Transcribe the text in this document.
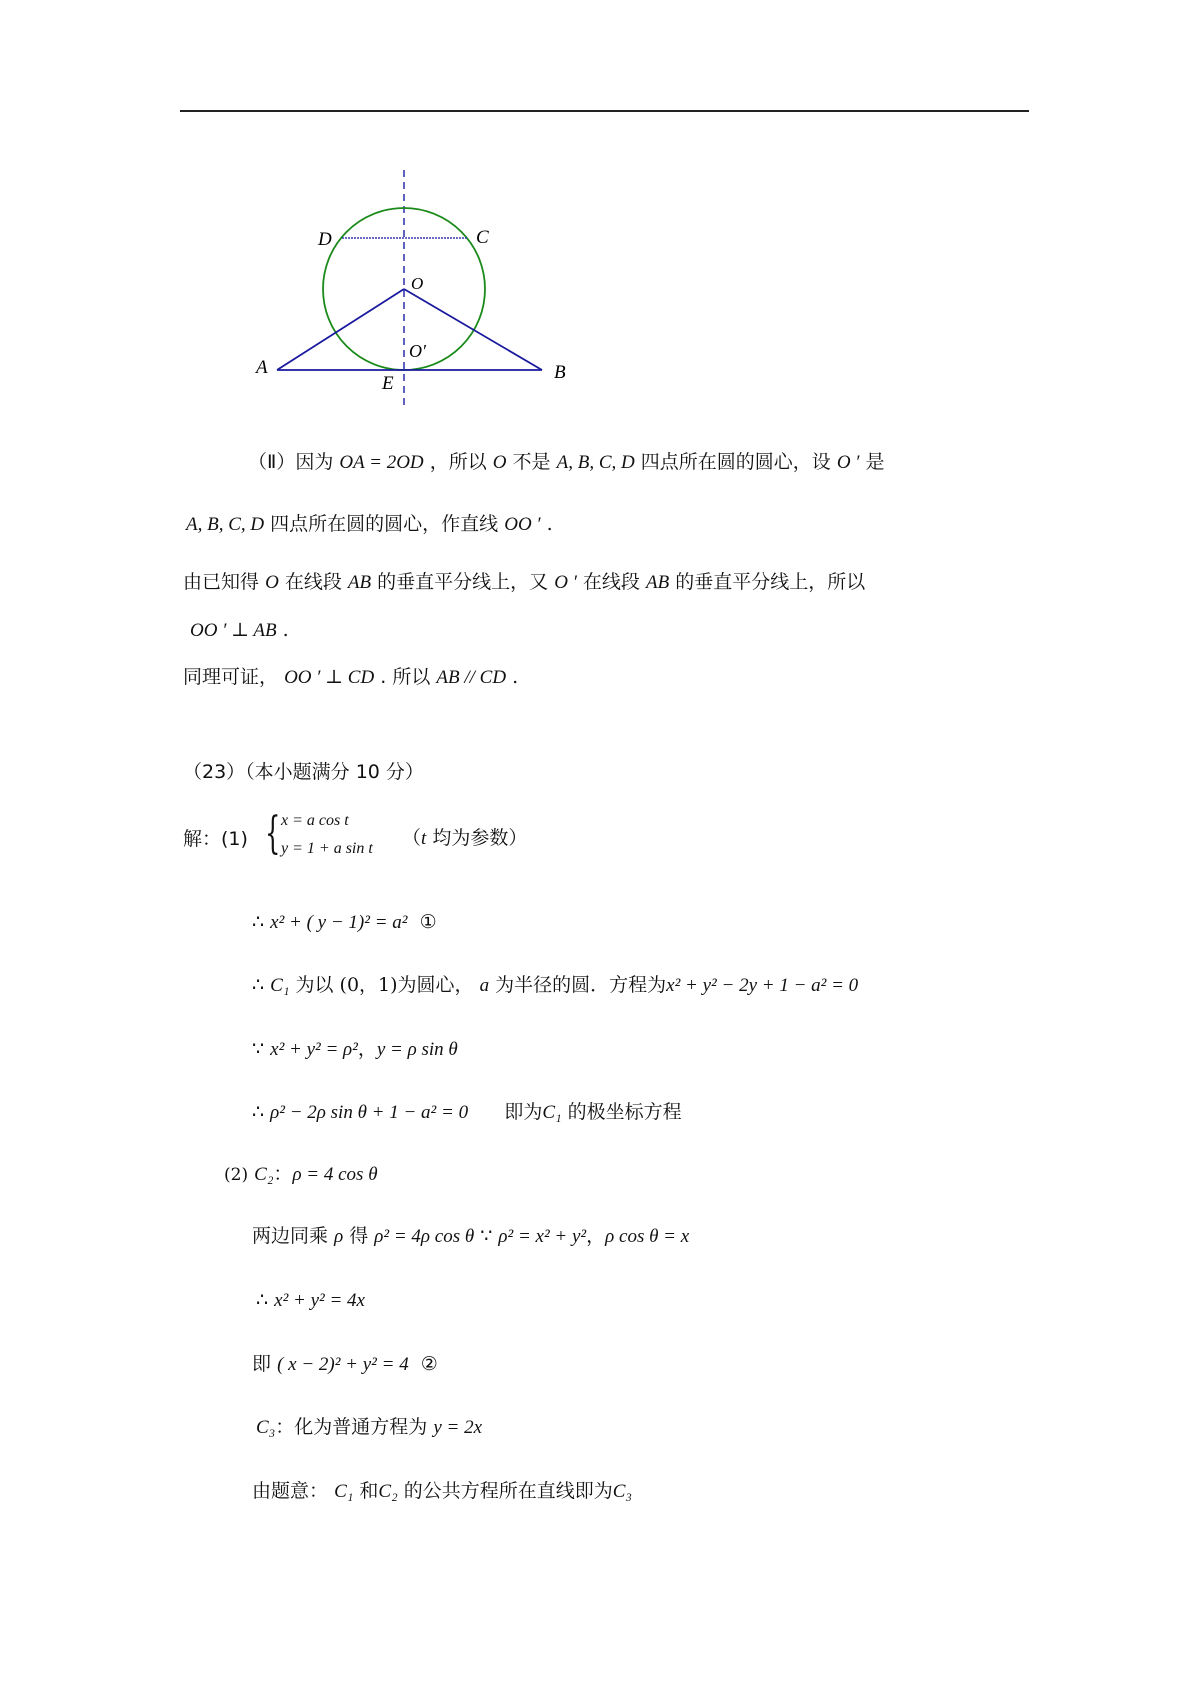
D	C
O
O′
A	B
E
（Ⅱ）因为 OA = 2OD ，所以 O 不是 A, B, C, D 四点所在圆的圆心，设 O ′ 是
A, B, C, D 四点所在圆的圆心，作直线 OO ′ .
由已知得 O 在线段 AB 的垂直平分线上，又 O ′ 在线段 AB 的垂直平分线上，所以
OO ′ ⊥ AB .
同理可证， OO ′ ⊥ CD . 所以 AB // CD .
（23）（本小题满分 10 分）
解：(1) { x = a cos t
y = 1 + a sin t （t 均为参数）
∴ x² + ( y − 1)² = a² ①
∴ C₁ 为以 (0，1)为圆心， a 为半径的圆．方程为x² + y² − 2y + 1 − a² = 0
∵ x² + y² = ρ²，y = ρ sin θ
∴ ρ² − 2ρ sin θ + 1 − a² = 0 即为C₁ 的极坐标方程
(2) C₂：ρ = 4 cos θ
两边同乘 ρ 得 ρ² = 4ρ cos θ ∵ ρ² = x² + y²，ρ cos θ = x
∴ x² + y² = 4x
即 ( x − 2)² + y² = 4 ②
C₃：化为普通方程为 y = 2x
由题意： C₁ 和C₂ 的公共方程所在直线即为C₃
